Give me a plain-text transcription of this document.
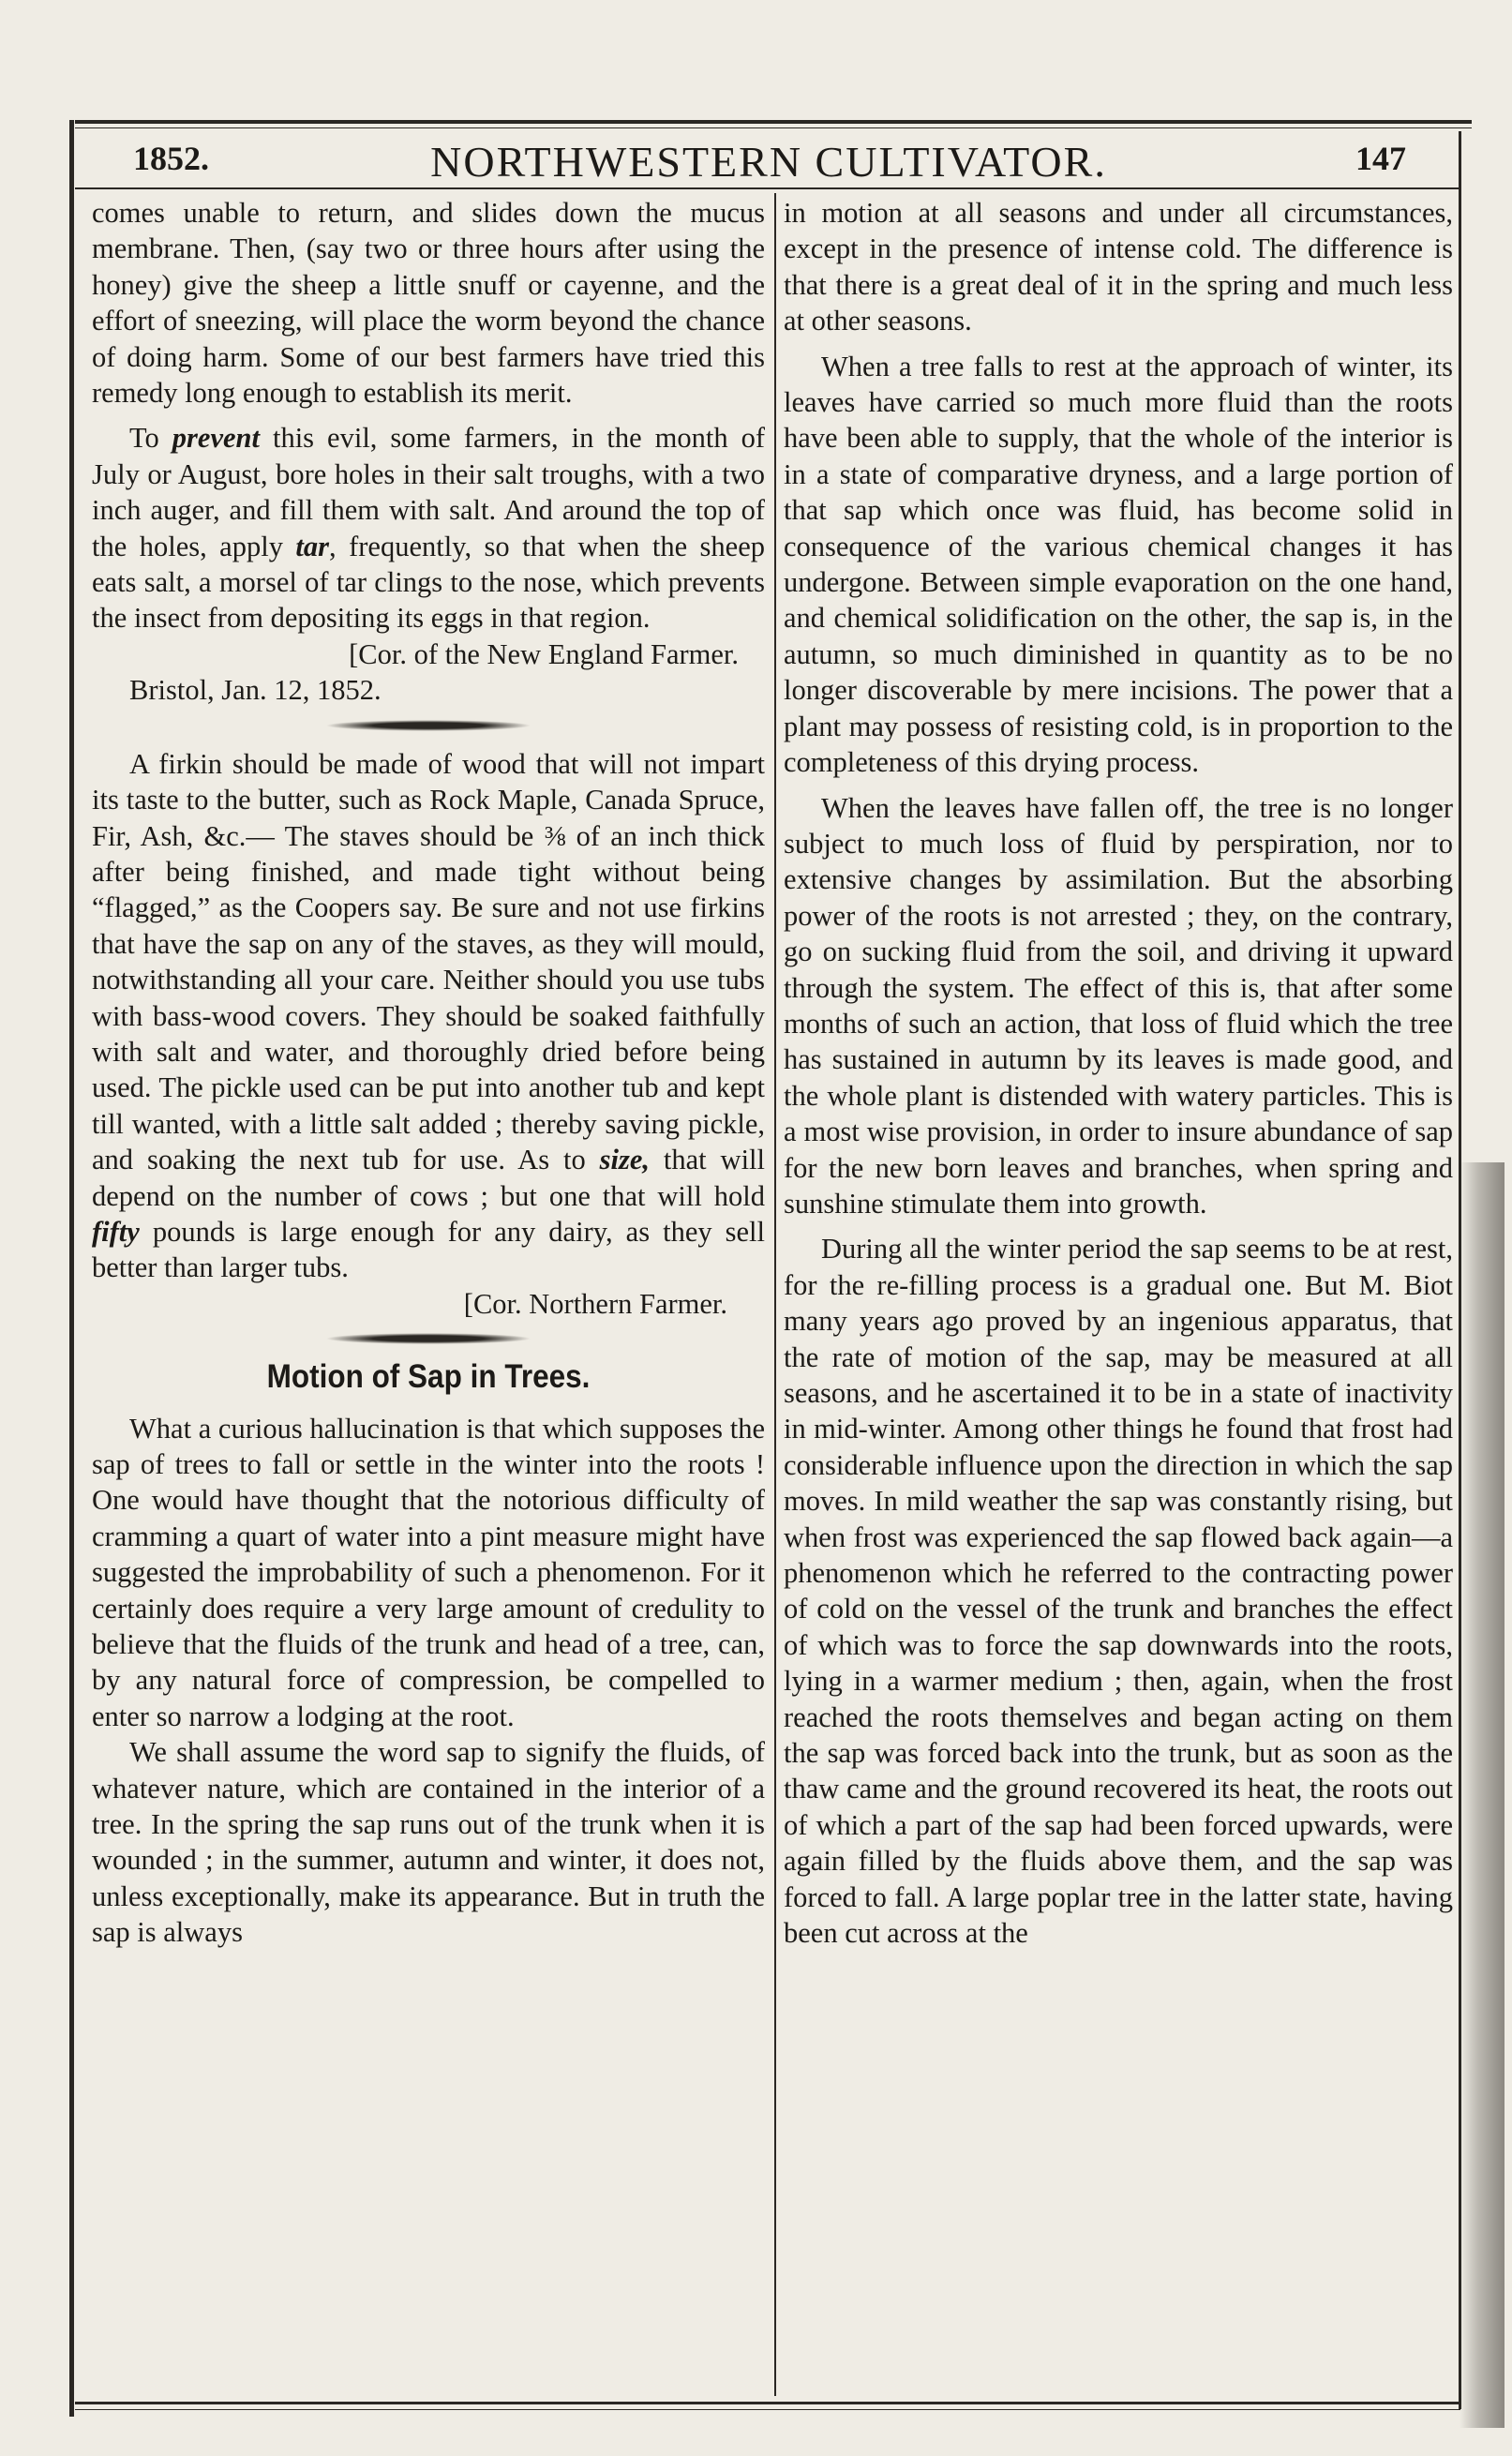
1852.	NORTHWESTERN CULTIVATOR.	147

comes unable to return, and slides down the mucus membrane. Then, (say two or three hours after using the honey) give the sheep a little snuff or cayenne, and the effort of sneezing, will place the worm beyond the chance of doing harm. Some of our best farmers have tried this remedy long enough to establish its merit.

To prevent this evil, some farmers, in the month of July or August, bore holes in their salt troughs, with a two inch auger, and fill them with salt. And around the top of the holes, apply tar, frequently, so that when the sheep eats salt, a morsel of tar clings to the nose, which prevents the insect from depositing its eggs in that region.

[Cor. of the New England Farmer.

Bristol, Jan. 12, 1852.

A firkin should be made of wood that will not impart its taste to the butter, such as Rock Maple, Canada Spruce, Fir, Ash, &c.— The staves should be ⅜ of an inch thick after being finished, and made tight without being “flagged,” as the Coopers say. Be sure and not use firkins that have the sap on any of the staves, as they will mould, notwithstanding all your care. Neither should you use tubs with bass-wood covers. They should be soaked faithfully with salt and water, and thoroughly dried before being used. The pickle used can be put into another tub and kept till wanted, with a little salt added ; thereby saving pickle, and soaking the next tub for use. As to size, that will depend on the number of cows ; but one that will hold fifty pounds is large enough for any dairy, as they sell better than larger tubs.

[Cor. Northern Farmer.

Motion of Sap in Trees.

What a curious hallucination is that which supposes the sap of trees to fall or settle in the winter into the roots ! One would have thought that the notorious difficulty of cramming a quart of water into a pint measure might have suggested the improbability of such a phenomenon. For it certainly does require a very large amount of credulity to believe that the fluids of the trunk and head of a tree, can, by any natural force of compression, be compelled to enter so narrow a lodging at the root.

We shall assume the word sap to signify the fluids, of whatever nature, which are contained in the interior of a tree. In the spring the sap runs out of the trunk when it is wounded ; in the summer, autumn and winter, it does not, unless exceptionally, make its appearance. But in truth the sap is always

in motion at all seasons and under all circumstances, except in the presence of intense cold. The difference is that there is a great deal of it in the spring and much less at other seasons.

When a tree falls to rest at the approach of winter, its leaves have carried so much more fluid than the roots have been able to supply, that the whole of the interior is in a state of comparative dryness, and a large portion of that sap which once was fluid, has become solid in consequence of the various chemical changes it has undergone. Between simple evaporation on the one hand, and chemical solidification on the other, the sap is, in the autumn, so much diminished in quantity as to be no longer discoverable by mere incisions. The power that a plant may possess of resisting cold, is in proportion to the completeness of this drying process.

When the leaves have fallen off, the tree is no longer subject to much loss of fluid by perspiration, nor to extensive changes by assimilation. But the absorbing power of the roots is not arrested ; they, on the contrary, go on sucking fluid from the soil, and driving it upward through the system. The effect of this is, that after some months of such an action, that loss of fluid which the tree has sustained in autumn by its leaves is made good, and the whole plant is distended with watery particles. This is a most wise provision, in order to insure abundance of sap for the new born leaves and branches, when spring and sunshine stimulate them into growth.

During all the winter period the sap seems to be at rest, for the re-filling process is a gradual one. But M. Biot many years ago proved by an ingenious apparatus, that the rate of motion of the sap, may be measured at all seasons, and he ascertained it to be in a state of inactivity in mid-winter. Among other things he found that frost had considerable influence upon the direction in which the sap moves. In mild weather the sap was constantly rising, but when frost was experienced the sap flowed back again—a phenomenon which he referred to the contracting power of cold on the vessel of the trunk and branches the effect of which was to force the sap downwards into the roots, lying in a warmer medium ; then, again, when the frost reached the roots themselves and began acting on them the sap was forced back into the trunk, but as soon as the thaw came and the ground recovered its heat, the roots out of which a part of the sap had been forced upwards, were again filled by the fluids above them, and the sap was forced to fall. A large poplar tree in the latter state, having been cut across at the
